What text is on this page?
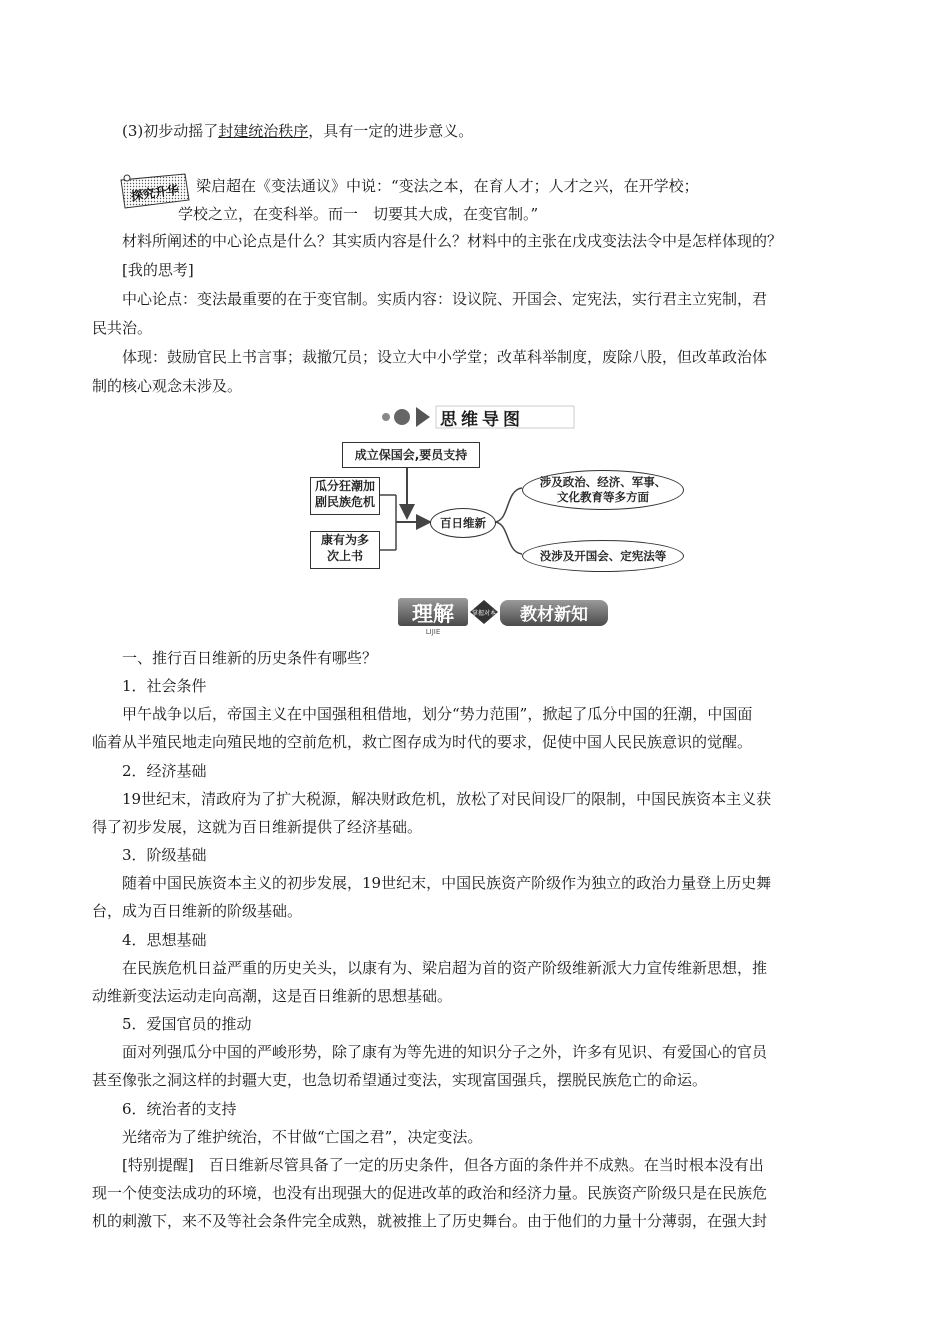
(3)初步动摇了封建统治秩序，具有一定的进步意义。
探究升华 梁启超在《变法通议》中说：“变法之本，在育人才；人才之兴，在开学校；
学校之立，在变科举。而一　切要其大成，在变官制。”
材料所阐述的中心论点是什么？其实质内容是什么？材料中的主张在戊戌变法法令中是怎样体现的？
[我的思考]
中心论点：变法最重要的在于变官制。实质内容：设议院、开国会、定宪法，实行君主立宪制，君
民共治。
体现：鼓励官民上书言事；裁撤冗员；设立大中小学堂；改革科举制度，废除八股，但改革政治体
制的核心观念未涉及。
思维导图
成立保国会,要员支持
瓜分狂潮加
剧民族危机
康有为多
次上书
百日维新
涉及政治、经济、军事、
文化教育等多方面
没涉及开国会、定宪法等
理解
LIJIE
掌握对本 教材新知
一、推行百日维新的历史条件有哪些？
1．社会条件
甲午战争以后，帝国主义在中国强租租借地，划分“势力范围”，掀起了瓜分中国的狂潮，中国面
临着从半殖民地走向殖民地的空前危机，救亡图存成为时代的要求，促使中国人民民族意识的觉醒。
2．经济基础
19世纪末，清政府为了扩大税源，解决财政危机，放松了对民间设厂的限制，中国民族资本主义获
得了初步发展，这就为百日维新提供了经济基础。
3．阶级基础
随着中国民族资本主义的初步发展，19世纪末，中国民族资产阶级作为独立的政治力量登上历史舞
台，成为百日维新的阶级基础。
4．思想基础
在民族危机日益严重的历史关头，以康有为、梁启超为首的资产阶级维新派大力宣传维新思想，推
动维新变法运动走向高潮，这是百日维新的思想基础。
5．爱国官员的推动
面对列强瓜分中国的严峻形势，除了康有为等先进的知识分子之外，许多有见识、有爱国心的官员
甚至像张之洞这样的封疆大吏，也急切希望通过变法，实现富国强兵，摆脱民族危亡的命运。
6．统治者的支持
光绪帝为了维护统治，不甘做“亡国之君”，决定变法。
[特别提醒]　百日维新尽管具备了一定的历史条件，但各方面的条件并不成熟。在当时根本没有出
现一个使变法成功的环境，也没有出现强大的促进改革的政治和经济力量。民族资产阶级只是在民族危
机的刺激下，来不及等社会条件完全成熟，就被推上了历史舞台。由于他们的力量十分薄弱，在强大封
